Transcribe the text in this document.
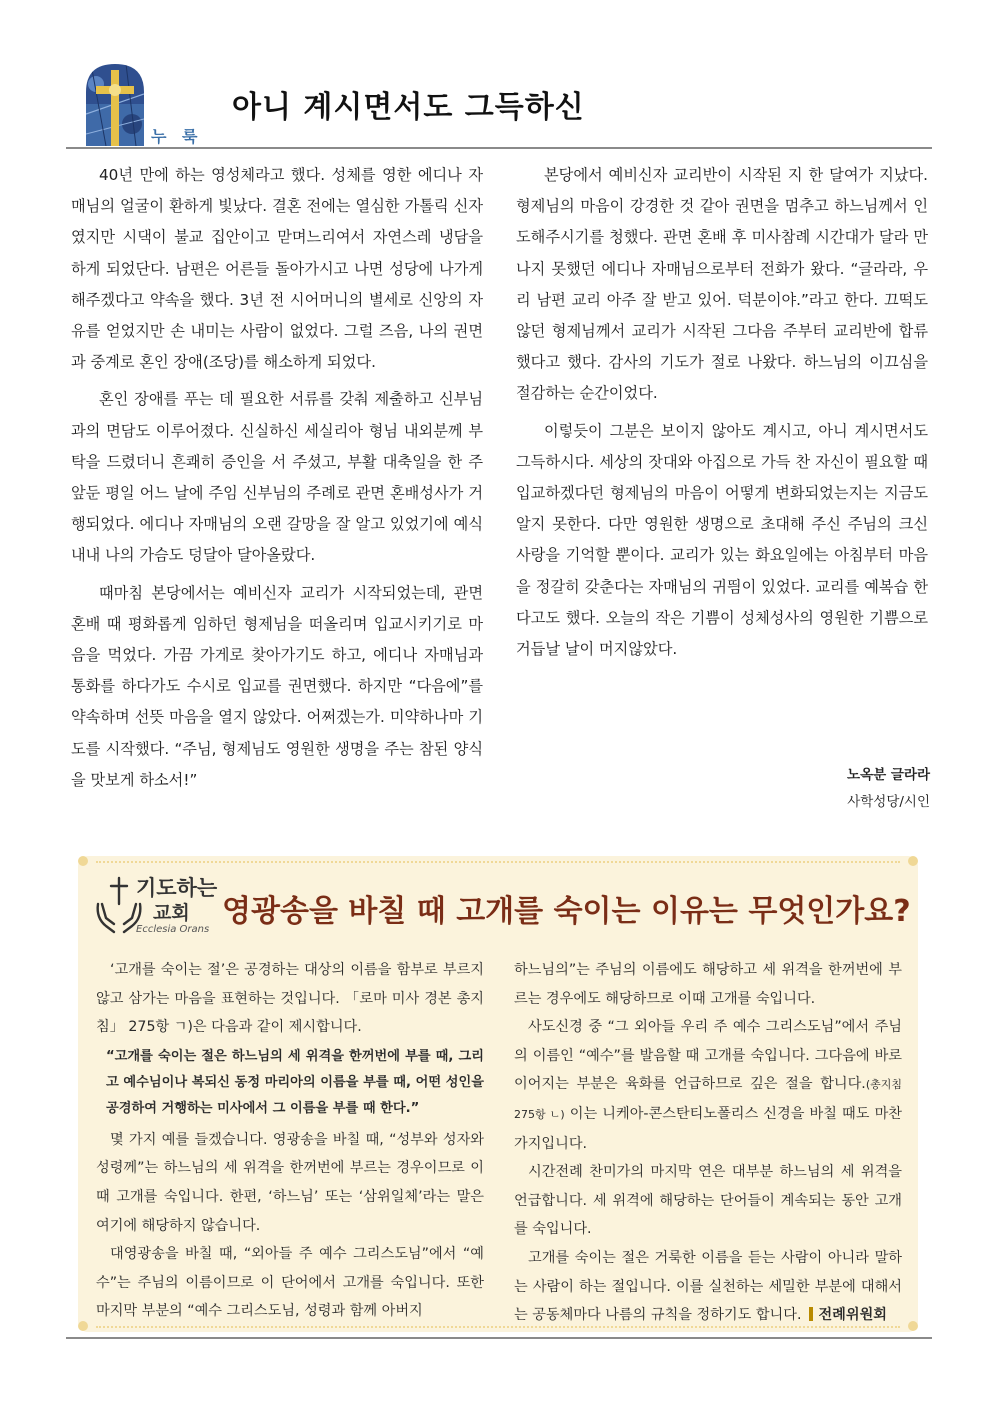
누 룩
아니 계시면서도 그득하신

40년 만에 하는 영성체라고 했다. 성체를 영한 에디나 자매님의 얼굴이 환하게 빛났다. 결혼 전에는 열심한 가톨릭 신자였지만 시댁이 불교 집안이고 맏며느리여서 자연스레 냉담을 하게 되었단다. 남편은 어른들 돌아가시고 나면 성당에 나가게 해주겠다고 약속을 했다. 3년 전 시어머니의 별세로 신앙의 자유를 얻었지만 손 내미는 사람이 없었다. 그럴 즈음, 나의 권면과 중계로 혼인 장애(조당)를 해소하게 되었다.

혼인 장애를 푸는 데 필요한 서류를 갖춰 제출하고 신부님과의 면담도 이루어졌다. 신실하신 세실리아 형님 내외분께 부탁을 드렸더니 흔쾌히 증인을 서 주셨고, 부활 대축일을 한 주 앞둔 평일 어느 날에 주임 신부님의 주례로 관면 혼배성사가 거행되었다. 에디나 자매님의 오랜 갈망을 잘 알고 있었기에 예식 내내 나의 가슴도 덩달아 달아올랐다.

때마침 본당에서는 예비신자 교리가 시작되었는데, 관면 혼배 때 평화롭게 임하던 형제님을 떠올리며 입교시키기로 마음을 먹었다. 가끔 가게로 찾아가기도 하고, 에디나 자매님과 통화를 하다가도 수시로 입교를 권면했다. 하지만 “다음에”를 약속하며 선뜻 마음을 열지 않았다. 어쩌겠는가. 미약하나마 기도를 시작했다. “주님, 형제님도 영원한 생명을 주는 참된 양식을 맛보게 하소서!”

본당에서 예비신자 교리반이 시작된 지 한 달여가 지났다. 형제님의 마음이 강경한 것 같아 권면을 멈추고 하느님께서 인도해주시기를 청했다. 관면 혼배 후 미사참례 시간대가 달라 만나지 못했던 에디나 자매님으로부터 전화가 왔다. “글라라, 우리 남편 교리 아주 잘 받고 있어. 덕분이야.”라고 한다. 끄떡도 않던 형제님께서 교리가 시작된 그다음 주부터 교리반에 합류했다고 했다. 감사의 기도가 절로 나왔다. 하느님의 이끄심을 절감하는 순간이었다.

이렇듯이 그분은 보이지 않아도 계시고, 아니 계시면서도 그득하시다. 세상의 잣대와 아집으로 가득 찬 자신이 필요할 때 입교하겠다던 형제님의 마음이 어떻게 변화되었는지는 지금도 알지 못한다. 다만 영원한 생명으로 초대해 주신 주님의 크신 사랑을 기억할 뿐이다. 교리가 있는 화요일에는 아침부터 마음을 정갈히 갖춘다는 자매님의 귀띔이 있었다. 교리를 예복습 한다고도 했다. 오늘의 작은 기쁨이 성체성사의 영원한 기쁨으로 거듭날 날이 머지않았다.

노옥분 글라라
사학성당/시인
기도하는
교회
Ecclesia Orans
영광송을 바칠 때 고개를 숙이는 이유는 무엇인가요?

‘고개를 숙이는 절’은 공경하는 대상의 이름을 함부로 부르지 않고 삼가는 마음을 표현하는 것입니다. 「로마 미사 경본 총지침」 275항 ㄱ)은 다음과 같이 제시합니다.

“고개를 숙이는 절은 하느님의 세 위격을 한꺼번에 부를 때, 그리고 예수님이나 복되신 동정 마리아의 이름을 부를 때, 어떤 성인을 공경하여 거행하는 미사에서 그 이름을 부를 때 한다.”

몇 가지 예를 들겠습니다. 영광송을 바칠 때, “성부와 성자와 성령께”는 하느님의 세 위격을 한꺼번에 부르는 경우이므로 이때 고개를 숙입니다. 한편, ‘하느님’ 또는 ‘삼위일체’라는 말은 여기에 해당하지 않습니다.

대영광송을 바칠 때, “외아들 주 예수 그리스도님”에서 “예수”는 주님의 이름이므로 이 단어에서 고개를 숙입니다. 또한 마지막 부분의 “예수 그리스도님, 성령과 함께 아버지

하느님의”는 주님의 이름에도 해당하고 세 위격을 한꺼번에 부르는 경우에도 해당하므로 이때 고개를 숙입니다.

사도신경 중 “그 외아들 우리 주 예수 그리스도님”에서 주님의 이름인 “예수”를 발음할 때 고개를 숙입니다. 그다음에 바로 이어지는 부분은 육화를 언급하므로 깊은 절을 합니다.(총지침 275항 ㄴ) 이는 니케아-콘스탄티노폴리스 신경을 바칠 때도 마찬가지입니다.

시간전례 찬미가의 마지막 연은 대부분 하느님의 세 위격을 언급합니다. 세 위격에 해당하는 단어들이 계속되는 동안 고개를 숙입니다.

고개를 숙이는 절은 거룩한 이름을 듣는 사람이 아니라 말하는 사람이 하는 절입니다. 이를 실천하는 세밀한 부분에 대해서는 공동체마다 나름의 규칙을 정하기도 합니다. 전례위원회
